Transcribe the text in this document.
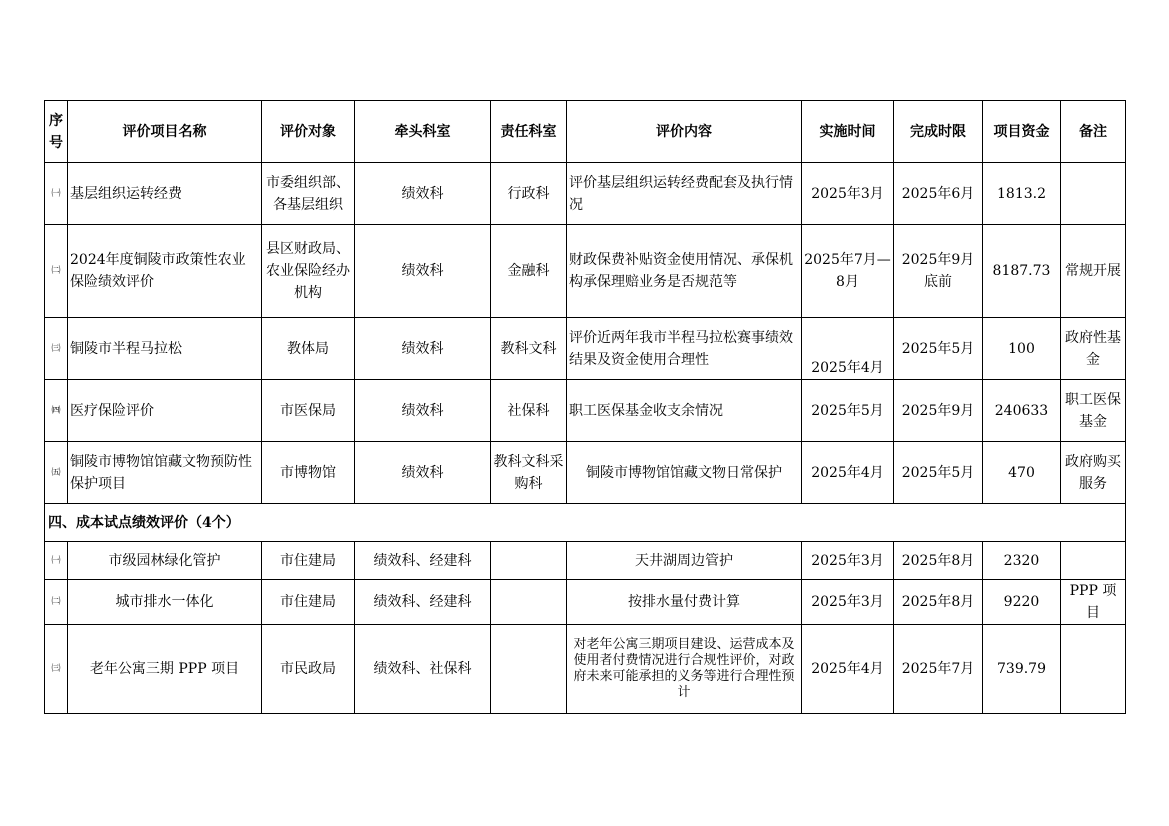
序号	评价项目名称	评价对象	牵头科室	责任科室	评价内容	实施时间	完成时限	项目资金	备注
㈠	基层组织运转经费	市委组织部、各基层组织	绩效科	行政科	评价基层组织运转经费配套及执行情况	2025年3月	2025年6月	1813.2	
㈡	2024年度铜陵市政策性农业保险绩效评价	县区财政局、农业保险经办机构	绩效科	金融科	财政保费补贴资金使用情况、承保机构承保理赔业务是否规范等	2025年7月—8月	2025年9月底前	8187.73	常规开展
㈢	铜陵市半程马拉松	教体局	绩效科	教科文科	评价近两年我市半程马拉松赛事绩效结果及资金使用合理性	2025年4月	2025年5月	100	政府性基金
㈣	医疗保险评价	市医保局	绩效科	社保科	职工医保基金收支余情况	2025年5月	2025年9月	240633	职工医保基金
㈤	铜陵市博物馆馆藏文物预防性保护项目	市博物馆	绩效科	教科文科采购科	铜陵市博物馆馆藏文物日常保护	2025年4月	2025年5月	470	政府购买服务
四、成本试点绩效评价（4个）									
㈠	市级园林绿化管护	市住建局	绩效科、经建科		天井湖周边管护	2025年3月	2025年8月	2320	
㈡	城市排水一体化	市住建局	绩效科、经建科		按排水量付费计算	2025年3月	2025年8月	9220	PPP 项目
㈢	老年公寓三期 PPP 项目	市民政局	绩效科、社保科		对老年公寓三期项目建设、运营成本及使用者付费情况进行合规性评价，对政府未来可能承担的义务等进行合理性预计	2025年4月	2025年7月	739.79	
